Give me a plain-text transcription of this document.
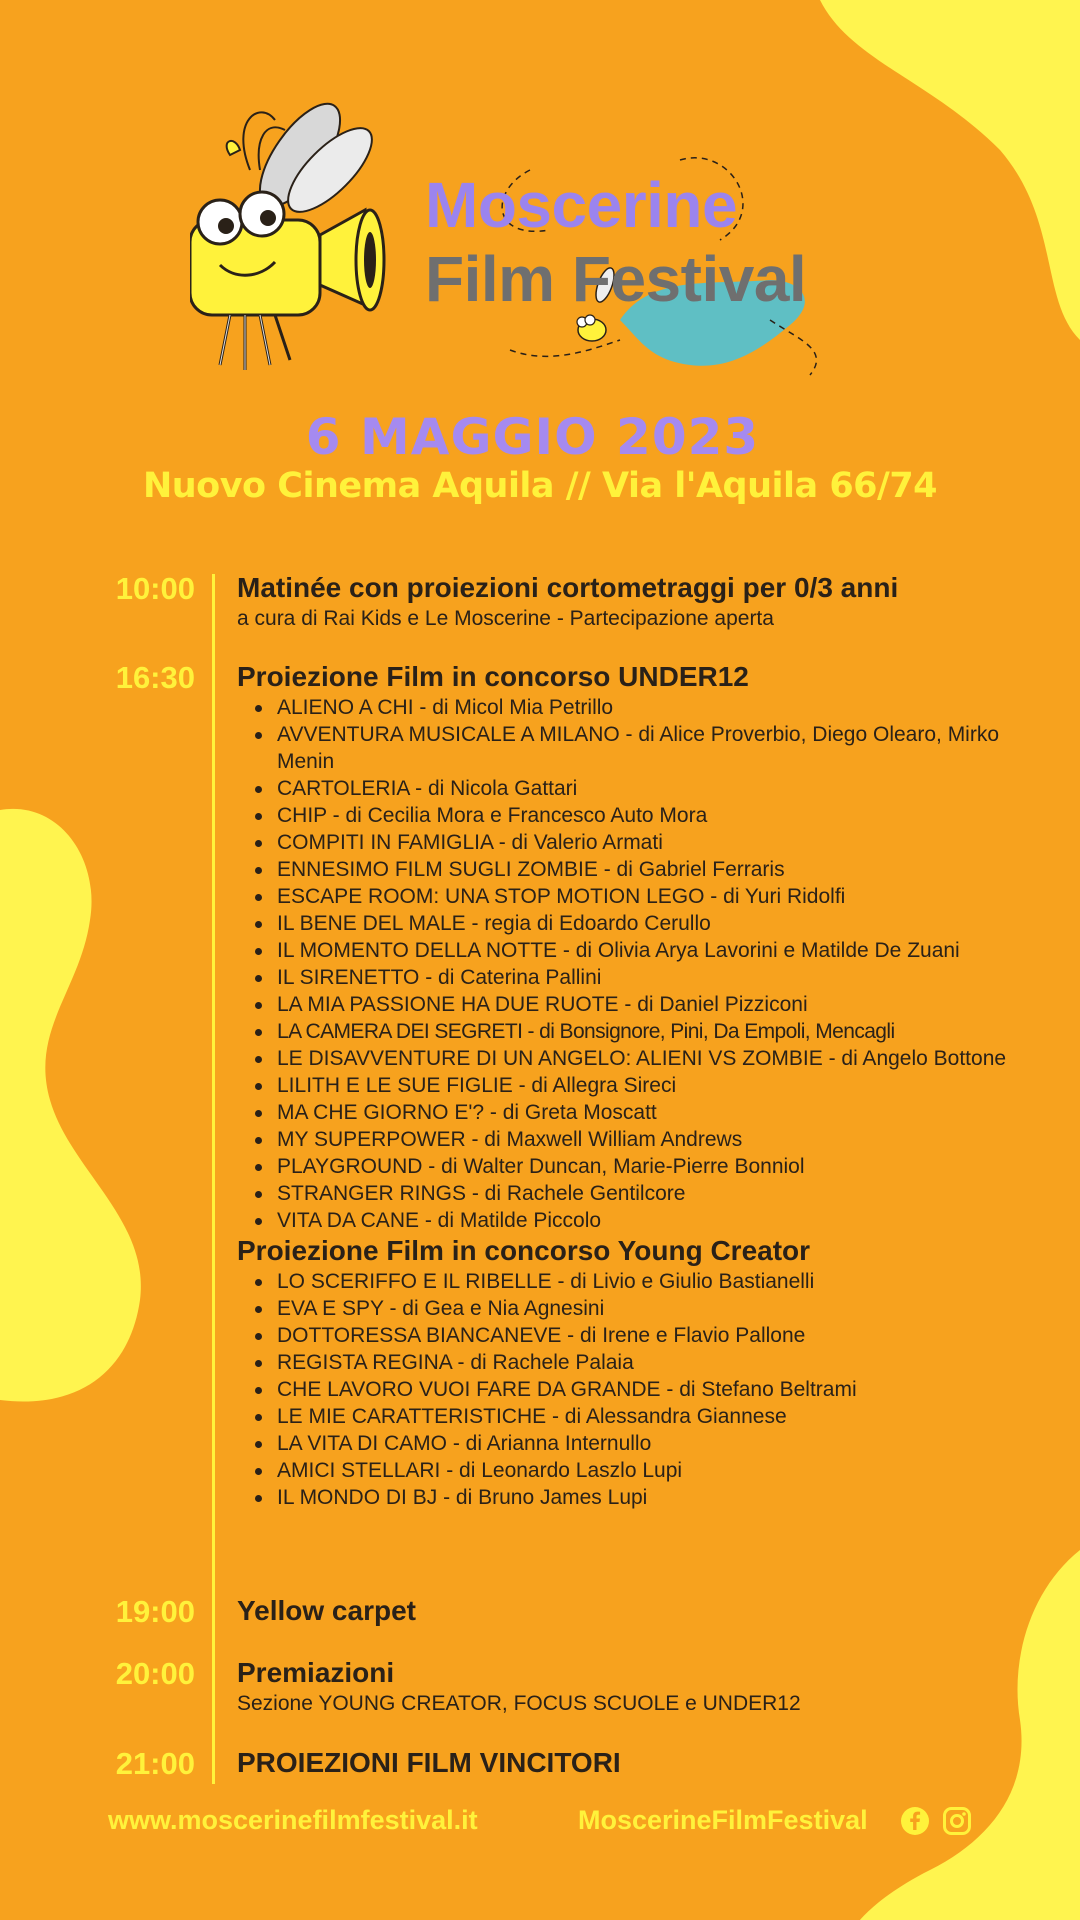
Moscerine
Film Festival
6 MAGGIO 2023
Nuovo Cinema Aquila // Via l'Aquila 66/74
10:00 Matinée con proiezioni cortometraggi per 0/3 anni
a cura di Rai Kids e Le Moscerine - Partecipazione aperta
16:30 Proiezione Film in concorso UNDER12
ALIENO A CHI - di Micol Mia Petrillo
AVVENTURA MUSICALE A MILANO - di Alice Proverbio, Diego Olearo, Mirko Menin
CARTOLERIA - di Nicola Gattari
CHIP - di Cecilia Mora e Francesco Auto Mora
COMPITI IN FAMIGLIA - di Valerio Armati
ENNESIMO FILM SUGLI ZOMBIE - di Gabriel Ferraris
ESCAPE ROOM: UNA STOP MOTION LEGO - di Yuri Ridolfi
IL BENE DEL MALE - regia di Edoardo Cerullo
IL MOMENTO DELLA NOTTE - di Olivia Arya Lavorini e Matilde De Zuani
IL SIRENETTO - di Caterina Pallini
LA MIA PASSIONE HA DUE RUOTE - di Daniel Pizziconi
LA CAMERA DEI SEGRETI - di Bonsignore, Pini, Da Empoli, Mencagli
LE DISAVVENTURE DI UN ANGELO: ALIENI VS ZOMBIE - di Angelo Bottone
LILITH E LE SUE FIGLIE - di Allegra Sireci
MA CHE GIORNO E'? - di Greta Moscatt
MY SUPERPOWER - di Maxwell William Andrews
PLAYGROUND - di Walter Duncan, Marie-Pierre Bonniol
STRANGER RINGS - di Rachele Gentilcore
VITA DA CANE - di Matilde Piccolo
Proiezione Film in concorso Young Creator
LO SCERIFFO E IL RIBELLE - di Livio e Giulio Bastianelli
EVA E SPY - di Gea e Nia Agnesini
DOTTORESSA BIANCANEVE - di Irene e Flavio Pallone
REGISTA REGINA - di Rachele Palaia
CHE LAVORO VUOI FARE DA GRANDE - di Stefano Beltrami
LE MIE CARATTERISTICHE - di Alessandra Giannese
LA VITA DI CAMO - di Arianna Internullo
AMICI STELLARI - di Leonardo Laszlo Lupi
IL MONDO DI BJ - di Bruno James Lupi
19:00 Yellow carpet
20:00 Premiazioni
Sezione YOUNG CREATOR, FOCUS SCUOLE e UNDER12
21:00 PROIEZIONI FILM VINCITORI
www.moscerinefilmfestival.it	MoscerineFilmFestival
